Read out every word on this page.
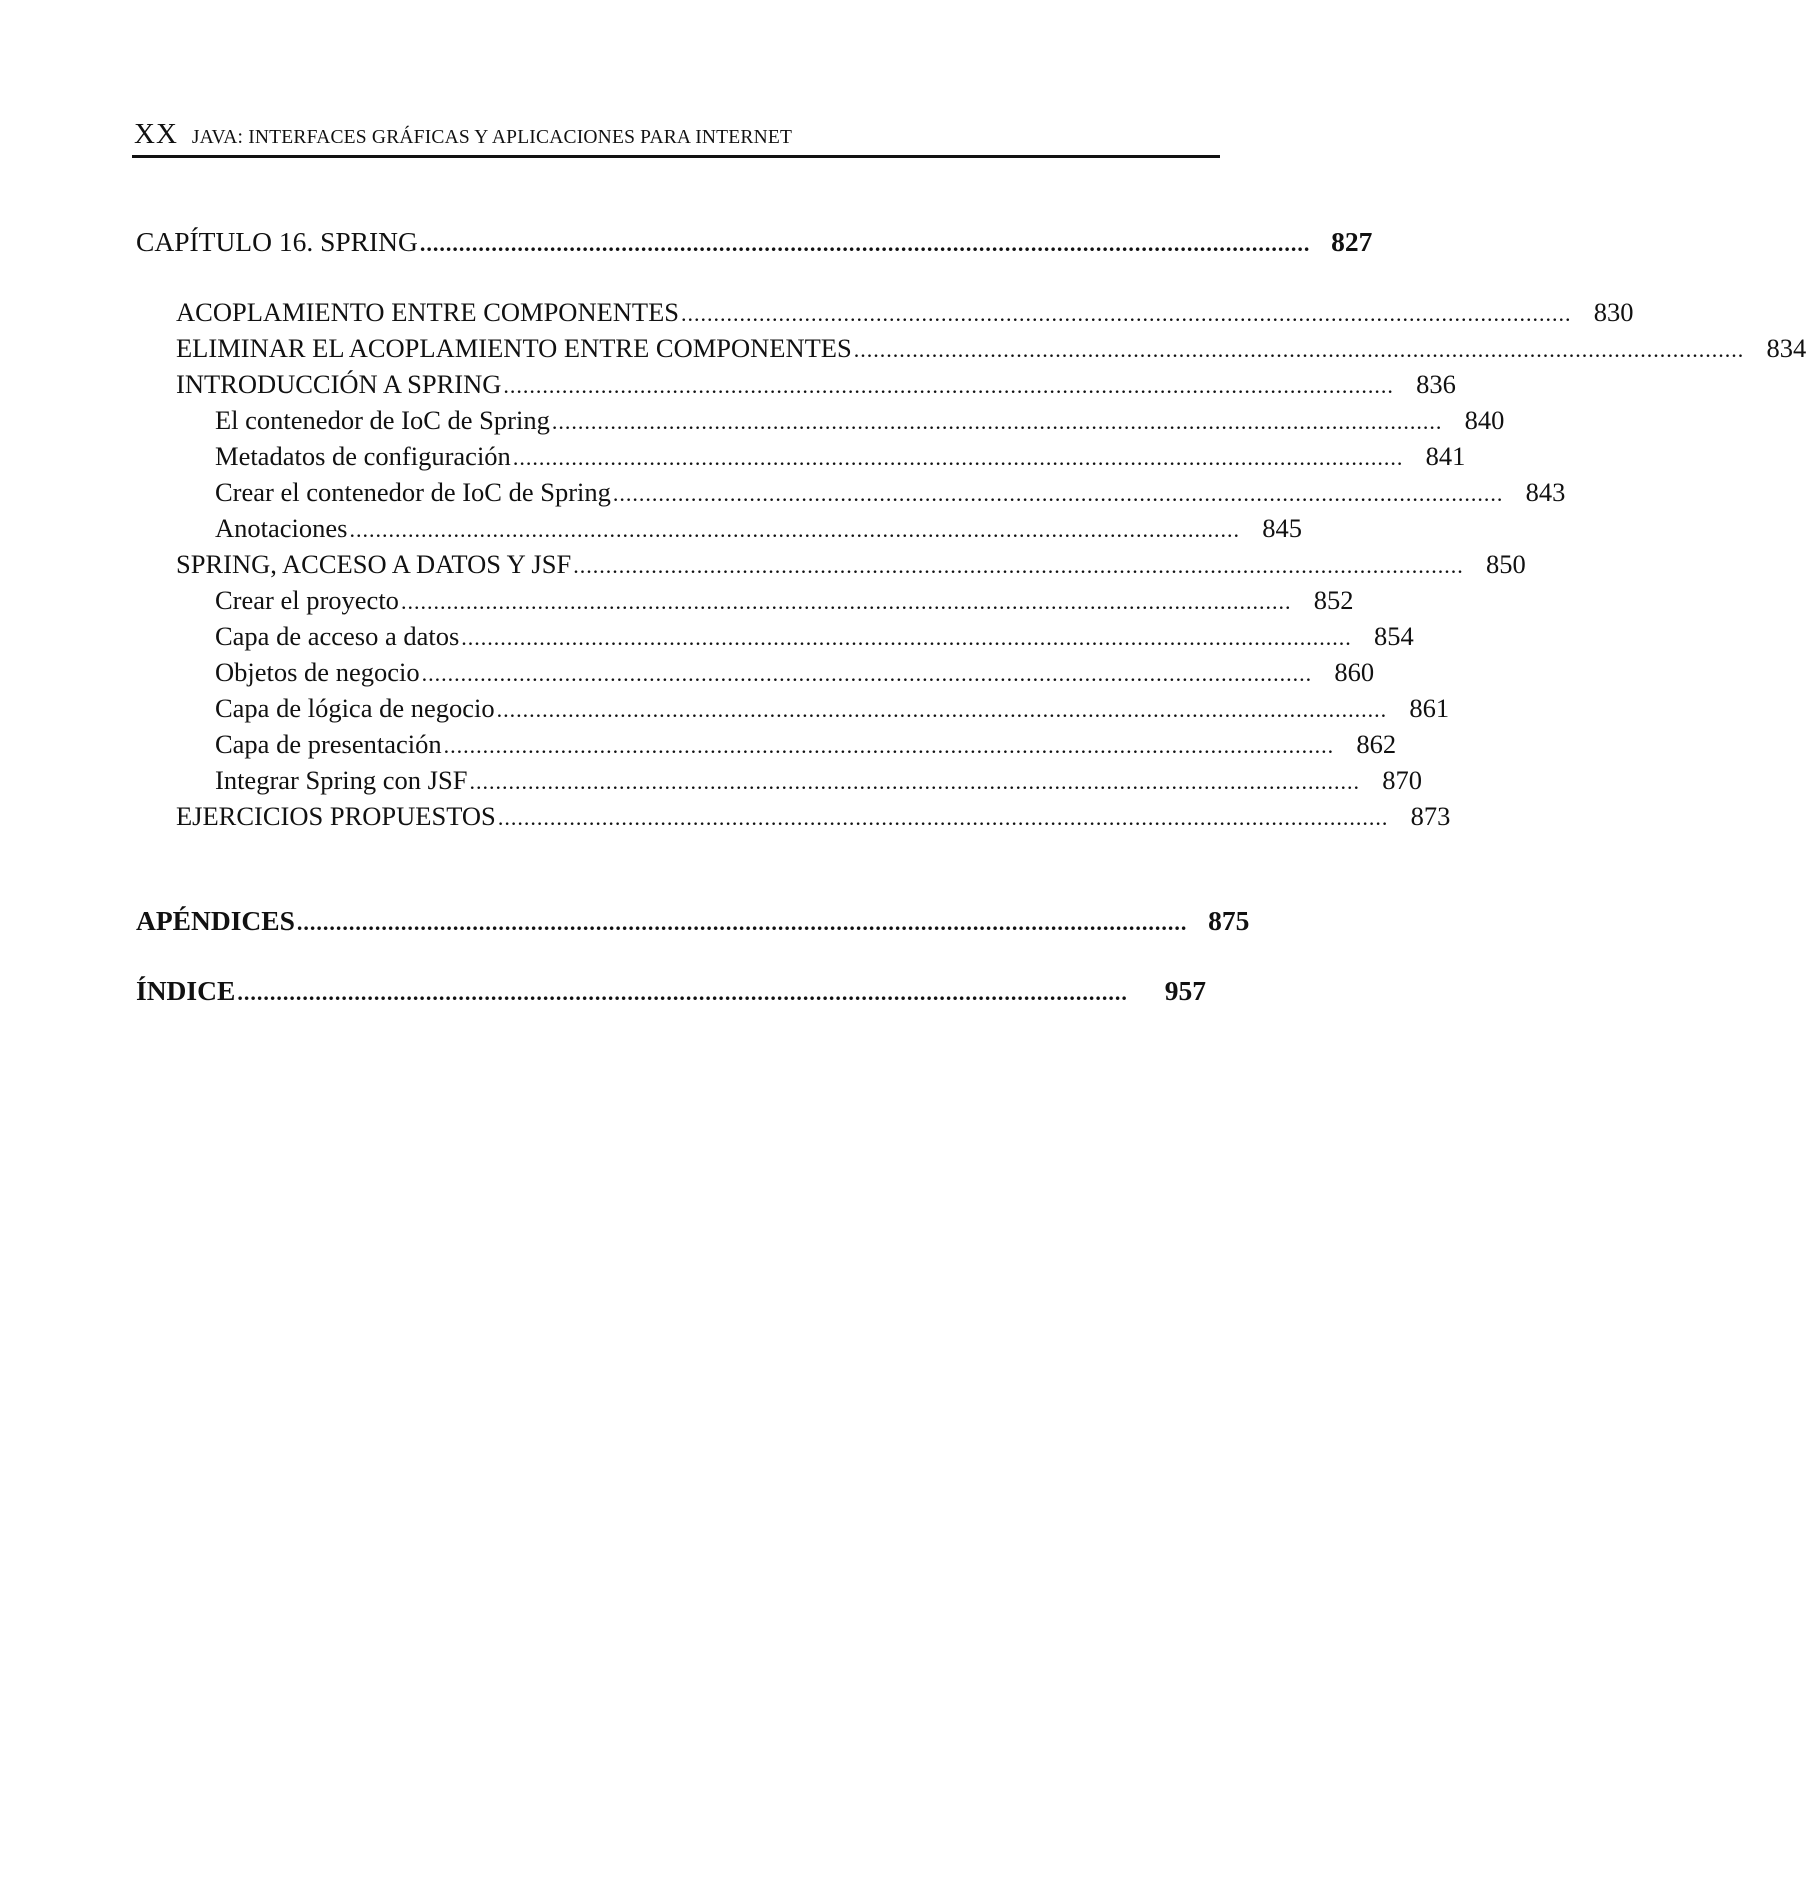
XX JAVA: INTERFACES GRÁFICAS Y APLICACIONES PARA INTERNET
CAPÍTULO 16. SPRING ......................................................................................................................................... 827
ACOPLAMIENTO ENTRE COMPONENTES ......................................................................................................................................... 830
ELIMINAR EL ACOPLAMIENTO ENTRE COMPONENTES ......................................................................................................................................... 834
INTRODUCCIÓN A SPRING ......................................................................................................................................... 836
El contenedor de IoC de Spring ......................................................................................................................................... 840
Metadatos de configuración ......................................................................................................................................... 841
Crear el contenedor de IoC de Spring ......................................................................................................................................... 843
Anotaciones ......................................................................................................................................... 845
SPRING, ACCESO A DATOS Y JSF ......................................................................................................................................... 850
Crear el proyecto ......................................................................................................................................... 852
Capa de acceso a datos ......................................................................................................................................... 854
Objetos de negocio ......................................................................................................................................... 860
Capa de lógica de negocio ......................................................................................................................................... 861
Capa de presentación ......................................................................................................................................... 862
Integrar Spring con JSF ......................................................................................................................................... 870
EJERCICIOS PROPUESTOS ......................................................................................................................................... 873
APÉNDICES ......................................................................................................................................... 875
ÍNDICE .........................................................................................................................................	957
